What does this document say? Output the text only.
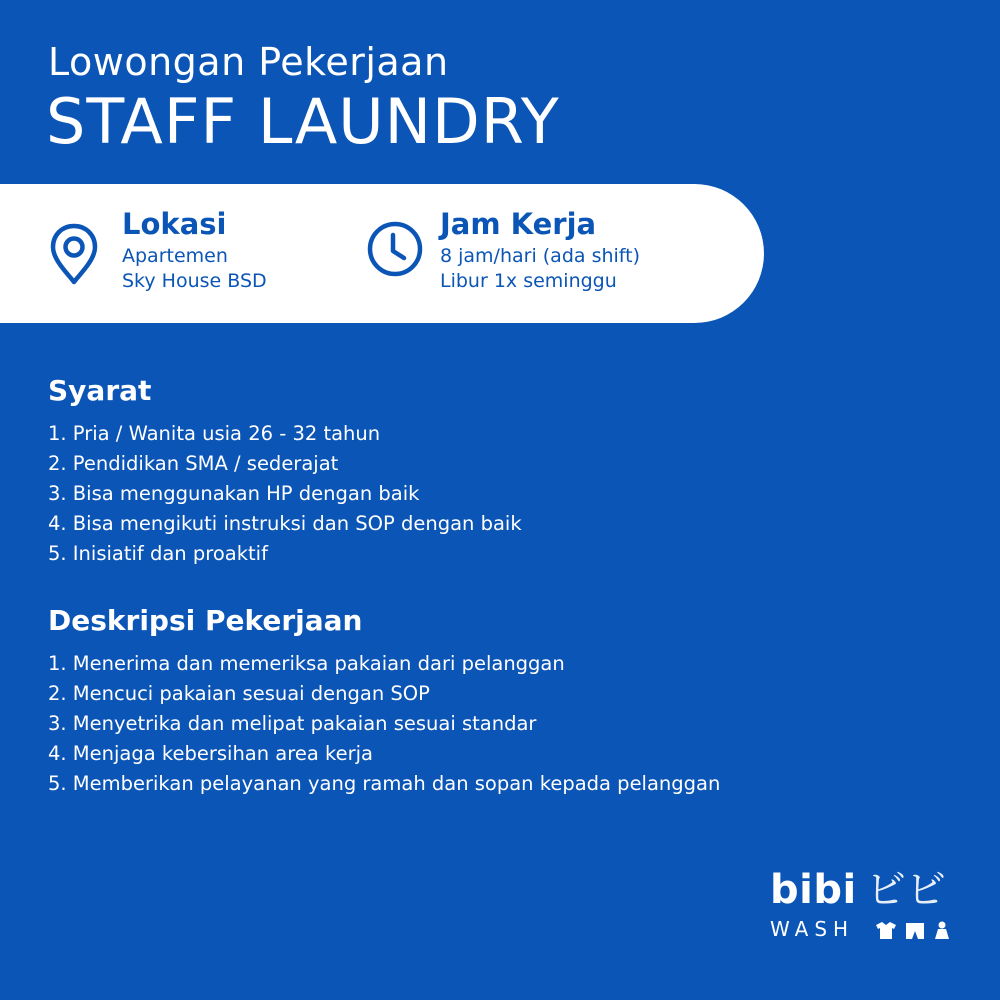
Lowongan Pekerjaan
STAFF LAUNDRY
Lokasi
Apartemen
Sky House BSD
Jam Kerja
8 jam/hari (ada shift)
Libur 1x seminggu
Syarat
1. Pria / Wanita usia 26 - 32 tahun
2. Pendidikan SMA / sederajat
3. Bisa menggunakan HP dengan baik
4. Bisa mengikuti instruksi dan SOP dengan baik
5. Inisiatif dan proaktif
Deskripsi Pekerjaan
1. Menerima dan memeriksa pakaian dari pelanggan
2. Mencuci pakaian sesuai dengan SOP
3. Menyetrika dan melipat pakaian sesuai standar
4. Menjaga kebersihan area kerja
5. Memberikan pelayanan yang ramah dan sopan kepada pelanggan
bibi ビビ
WASH
